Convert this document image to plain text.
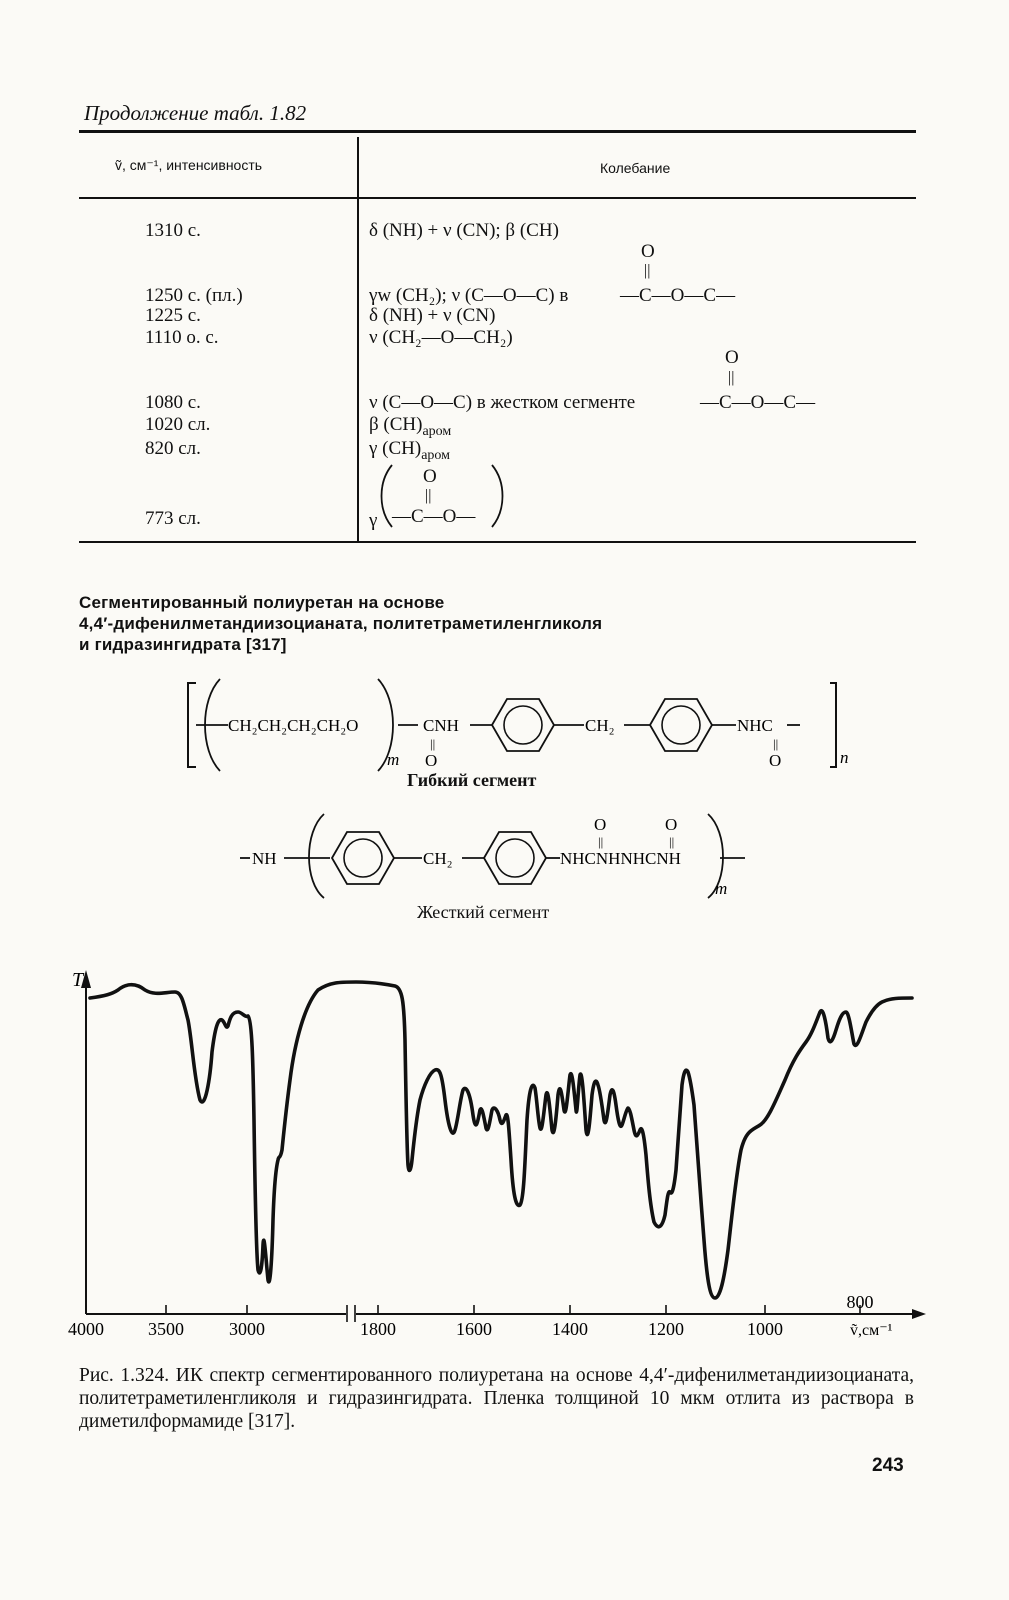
Продолжение табл. 1.82
ṽ, см⁻¹, интенсивность	Колебание
1310 с.	δ (NH) + ν (CN); β (CH)
1250 с. (пл.)	γw (CH₂); ν (C—O—C) в	—C—O—C—
O
||
1225 с.	δ (NH) + ν (CN)
1110 о. с.	ν (CH₂—O—CH₂)
1080 с.	ν (C—O—C) в жестком сегменте	—C—O—C—
O
||
1020 сл.	β $(CH)_{аром}$
820 сл.	γ $(CH)_{аром}$
773 сл.	γ —C—O—
O
||
Сегментированный полиуретан на основе
4,4′-дифенилметандиизоцианата, политетраметиленгликоля
и гидразингидрата [317]
CH₂CH₂CH₂CH₂O	CNH
||
O
m
CH₂	NHC
||
O	n
Гибкий сегмент
NH	CH₂	NHCNHNHCNH
O
||
O
||
m
Жесткий сегмент
T
4000 3500	3000	1800	1600	1400	1200	1000
800
ṽ,см⁻¹
Рис. 1.324. ИК спектр сегментированного полиуретана на основе 4,4′-дифенилметандиизоцианата, политетраметиленгликоля и гидразингидрата. Пленка толщиной 10 мкм отлита из раствора в диметилформамиде [317].
243
